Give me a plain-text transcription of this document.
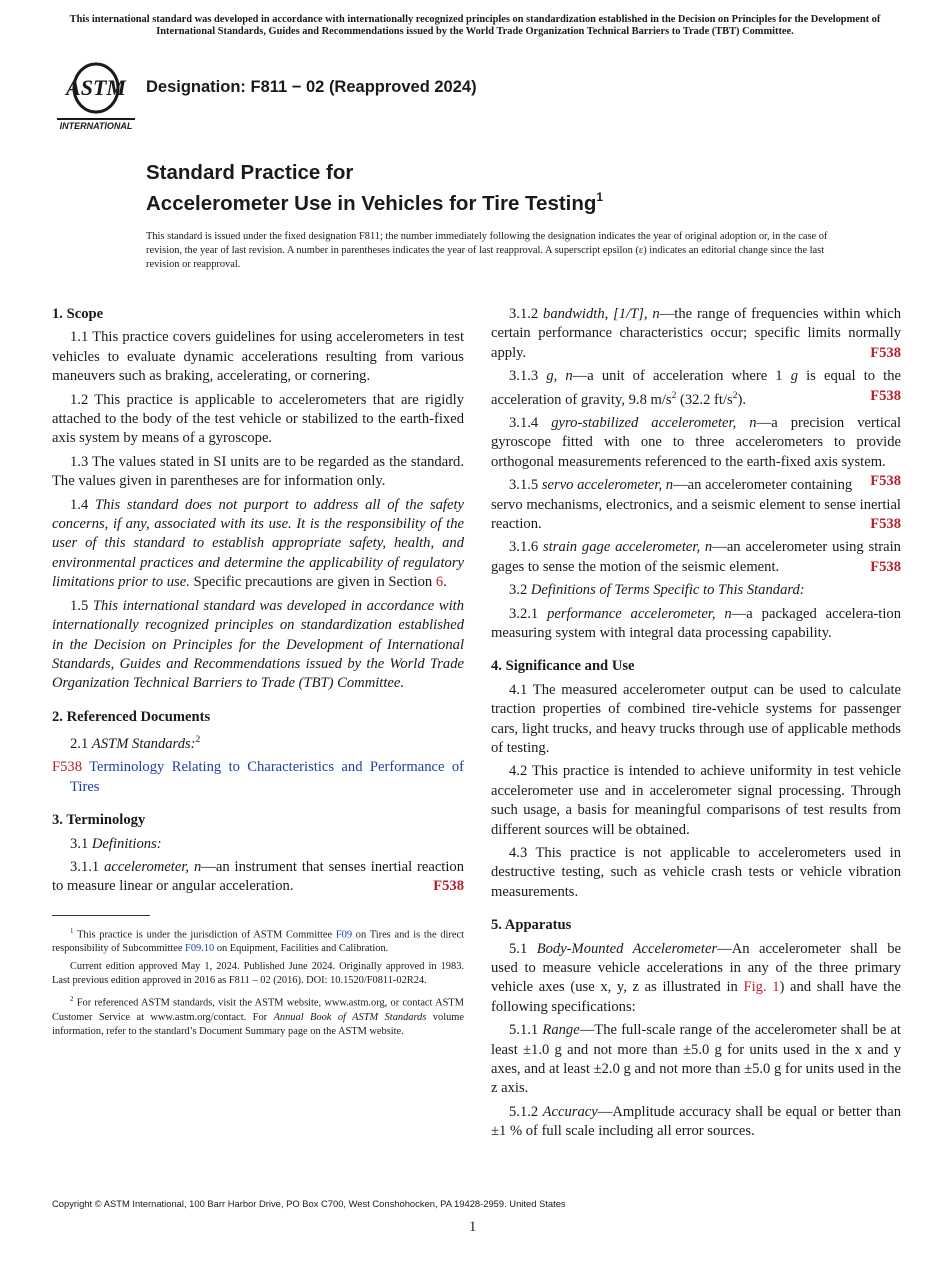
This international standard was developed in accordance with internationally recognized principles on standardization established in the Decision on Principles for the Development of International Standards, Guides and Recommendations issued by the World Trade Organization Technical Barriers to Trade (TBT) Committee.
ASTM
INTERNATIONAL
Designation: F811 − 02 (Reapproved 2024)
Standard Practice for
Accelerometer Use in Vehicles for Tire Testing$^1$
This standard is issued under the fixed designation F811; the number immediately following the designation indicates the year of original adoption or, in the case of revision, the year of last revision. A number in parentheses indicates the year of last reapproval. A superscript epsilon (ε) indicates an editorial change since the last revision or reapproval.
1. Scope

1.1 This practice covers guidelines for using accelerometers in test vehicles to evaluate dynamic accelerations resulting from various maneuvers such as braking, accelerating, or cornering.

1.2 This practice is applicable to accelerometers that are rigidly attached to the body of the test vehicle or stabilized to the earth-fixed axis system by means of a gyroscope.

1.3 The values stated in SI units are to be regarded as the standard. The values given in parentheses are for information only.

1.4 This standard does not purport to address all of the safety concerns, if any, associated with its use. It is the responsibility of the user of this standard to establish appropriate safety, health, and environmental practices and determine the applicability of regulatory limitations prior to use. Specific precautions are given in Section 6.

1.5 This international standard was developed in accordance with internationally recognized principles on standardization established in the Decision on Principles for the Development of International Standards, Guides and Recommendations issued by the World Trade Organization Technical Barriers to Trade (TBT) Committee.

2. Referenced Documents

2.1 ASTM Standards:$^2$

F538 Terminology Relating to Characteristics and Performance of Tires

3. Terminology

3.1 Definitions:

3.1.1 accelerometer, n—an instrument that senses inertial reaction to measure linear or angular acceleration.	F538

$^1$ This practice is under the jurisdiction of ASTM Committee F09 on Tires and is the direct responsibility of Subcommittee F09.10 on Equipment, Facilities and Calibration.

Current edition approved May 1, 2024. Published June 2024. Originally approved in 1983. Last previous edition approved in 2016 as F811 – 02 (2016). DOI: 10.1520/F0811-02R24.

$^2$ For referenced ASTM standards, visit the ASTM website, www.astm.org, or contact ASTM Customer Service at www.astm.org/contact. For Annual Book of ASTM Standards volume information, refer to the standard’s Document Summary page on the ASTM website.

3.1.2 bandwidth, [1/T], n—the range of frequencies within which certain performance characteristics occur; specific limits normally apply.	F538

3.1.3 g, n—a unit of acceleration where 1 g is equal to the acceleration of gravity, 9.8 $m/s^2$ (32.2 $ft/s^2$).	F538

3.1.4 gyro-stabilized accelerometer, n—a precision vertical gyroscope fitted with one to three accelerometers to provide orthogonal measurements referenced to the earth-fixed axis system.
F538

3.1.5 servo accelerometer, n—an accelerometer containing servo mechanisms, electronics, and a seismic element to sense inertial reaction.	F538

3.1.6 strain gage accelerometer, n—an accelerometer using strain gages to sense the motion of the seismic element.	F538

3.2 Definitions of Terms Specific to This Standard:

3.2.1 performance accelerometer, n—a packaged accelera-tion measuring system with integral data processing capability.

4. Significance and Use

4.1 The measured accelerometer output can be used to calculate traction properties of combined tire-vehicle systems for passenger cars, light trucks, and heavy trucks through use of applicable methods of testing.

4.2 This practice is intended to achieve uniformity in test vehicle accelerometer use and in accelerometer signal processing. Through such usage, a basis for meaningful comparisons of test results from different sources will be obtained.

4.3 This practice is not applicable to accelerometers used in destructive testing, such as vehicle crash tests or vehicle vibration measurements.

5. Apparatus

5.1 Body-Mounted Accelerometer—An accelerometer shall be used to measure vehicle accelerations in any of the three primary vehicle axes (use x, y, z as illustrated in Fig. 1) and shall have the following specifications:

5.1.1 Range—The full-scale range of the accelerometer shall be at least ±1.0 g and not more than ±5.0 g for units used in the x and y axes, and at least ±2.0 g and not more than ±5.0 g for units used in the z axis.

5.1.2 Accuracy—Amplitude accuracy shall be equal or better than ±1 % of full scale including all error sources.

Copyright © ASTM International, 100 Barr Harbor Drive, PO Box C700, West Conshohocken, PA 19428-2959. United States
1
